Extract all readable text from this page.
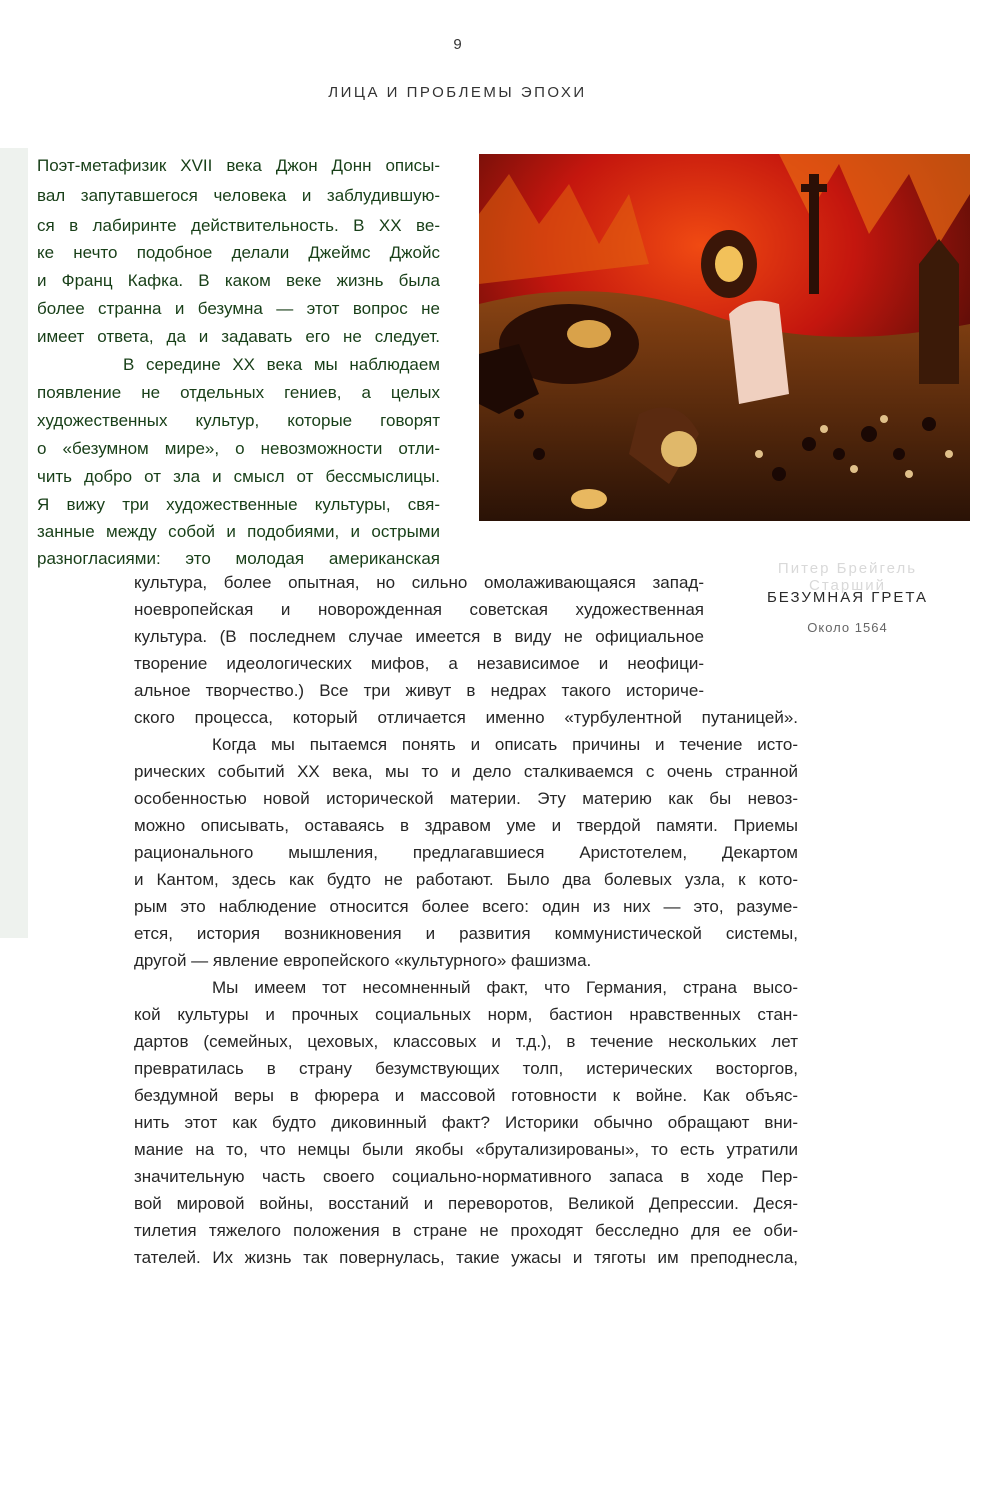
9
ЛИЦА И ПРОБЛЕМЫ ЭПОХИ
Питер Брейгель Старший
БЕЗУМНАЯ ГРЕТА
Около 1564
Поэт-метафизик XVII века Джон Донн описы-
вал запутавшегося человека и заблудившую-
ся в лабиринте действительность. В XX ве-
ке нечто подобное делали Джеймс Джойс
и Франц Кафка. В каком веке жизнь была
более странна и безумна — этот вопрос не
имеет ответа, да и задавать его не следует.
В середине XX века мы наблюдаем
появление не отдельных гениев, а целых
художественных культур, которые говорят
о «безумном мире», о невозможности отли-
чить добро от зла и смысл от бессмыслицы.
Я вижу три художественные культуры, свя-
занные между собой и подобиями, и острыми
разногласиями: это молодая американская
культура, более опытная, но сильно омолаживающаяся запад-
ноевропейская и новорожденная советская художественная
культура. (В последнем случае имеется в виду не официальное
творение идеологических мифов, а независимое и неофици-
альное творчество.) Все три живут в недрах такого историче-
ского процесса, который отличается именно «турбулентной путаницей».
Когда мы пытаемся понять и описать причины и течение исто-
рических событий XX века, мы то и дело сталкиваемся с очень странной
особенностью новой исторической материи. Эту материю как бы невоз-
можно описывать, оставаясь в здравом уме и твердой памяти. Приемы
рационального мышления, предлагавшиеся Аристотелем, Декартом
и Кантом, здесь как будто не работают. Было два болевых узла, к кото-
рым это наблюдение относится более всего: один из них — это, разуме-
ется, история возникновения и развития коммунистической системы,
другой — явление европейского «культурного» фашизма.
Мы имеем тот несомненный факт, что Германия, страна высо-
кой культуры и прочных социальных норм, бастион нравственных стан-
дартов (семейных, цеховых, классовых и т.д.), в течение нескольких лет
превратилась в страну безумствующих толп, истерических восторгов,
бездумной веры в фюрера и массовой готовности к войне. Как объяс-
нить этот как будто диковинный факт? Историки обычно обращают вни-
мание на то, что немцы были якобы «брутализированы», то есть утратили
значительную часть своего социально-нормативного запаса в ходе Пер-
вой мировой войны, восстаний и переворотов, Великой Депрессии. Деся-
тилетия тяжелого положения в стране не проходят бесследно для ее оби-
тателей. Их жизнь так повернулась, такие ужасы и тяготы им преподнесла,
